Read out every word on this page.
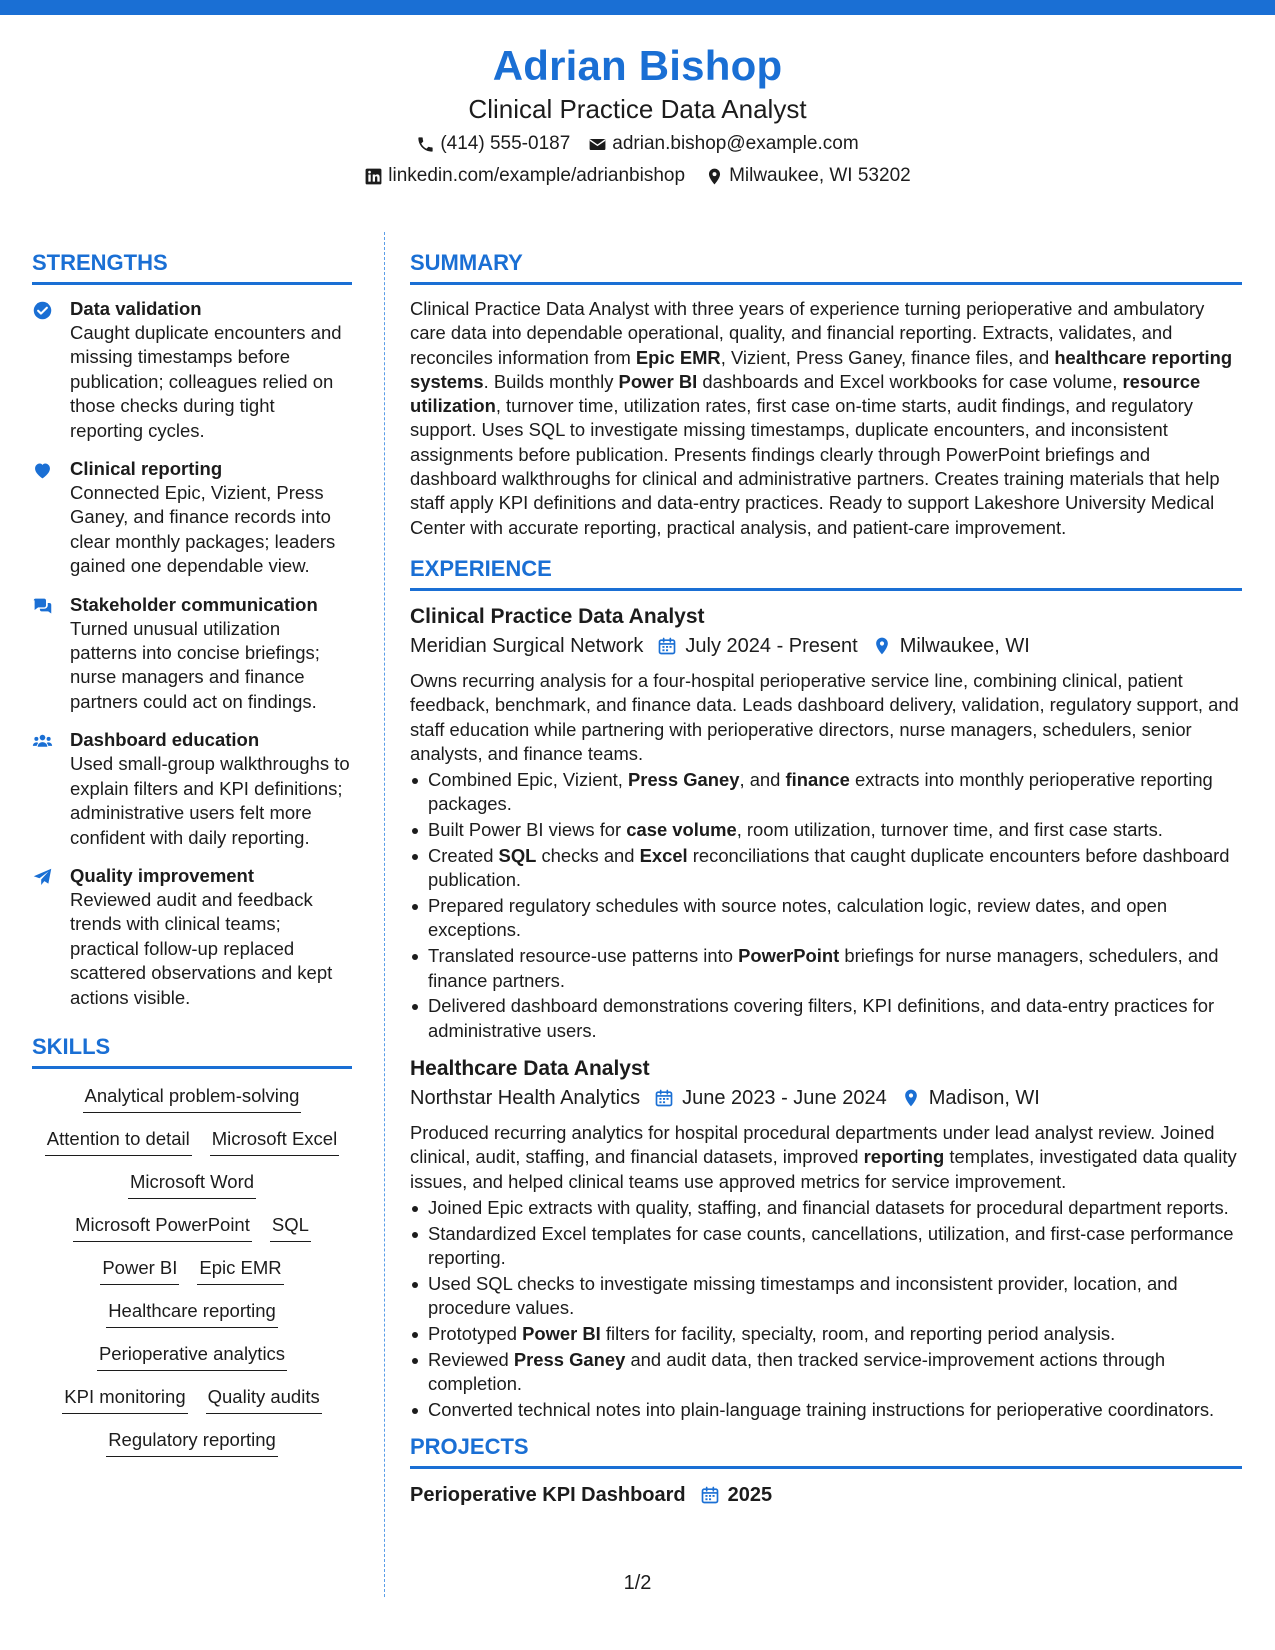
Adrian Bishop
Clinical Practice Data Analyst
(414) 555-0187 adrian.bishop@example.com
linkedin.com/example/adrianbishop Milwaukee, WI 53202
STRENGTHS
Data validation
Caught duplicate encounters and missing timestamps before publication; colleagues relied on those checks during tight reporting cycles.
Clinical reporting
Connected Epic, Vizient, Press Ganey, and finance records into clear monthly packages; leaders gained one dependable view.
Stakeholder communication
Turned unusual utilization patterns into concise briefings; nurse managers and finance partners could act on findings.
Dashboard education
Used small-group walkthroughs to explain filters and KPI definitions; administrative users felt more confident with daily reporting.
Quality improvement
Reviewed audit and feedback trends with clinical teams; practical follow-up replaced scattered observations and kept actions visible.
SKILLS
Analytical problem-solving
Attention to detail Microsoft Excel
Microsoft Word
Microsoft PowerPoint SQL
Power BI Epic EMR
Healthcare reporting
Perioperative analytics
KPI monitoring Quality audits
Regulatory reporting
SUMMARY
Clinical Practice Data Analyst with three years of experience turning perioperative and ambulatory care data into dependable operational, quality, and financial reporting. Extracts, validates, and reconciles information from Epic EMR, Vizient, Press Ganey, finance files, and healthcare reporting systems. Builds monthly Power BI dashboards and Excel workbooks for case volume, resource utilization, turnover time, utilization rates, first case on-time starts, audit findings, and regulatory support. Uses SQL to investigate missing timestamps, duplicate encounters, and inconsistent assignments before publication. Presents findings clearly through PowerPoint briefings and dashboard walkthroughs for clinical and administrative partners. Creates training materials that help staff apply KPI definitions and data-entry practices. Ready to support Lakeshore University Medical Center with accurate reporting, practical analysis, and patient-care improvement.
EXPERIENCE
Clinical Practice Data Analyst
Meridian Surgical Network July 2024 - Present Milwaukee, WI
Owns recurring analysis for a four-hospital perioperative service line, combining clinical, patient feedback, benchmark, and finance data. Leads dashboard delivery, validation, regulatory support, and staff education while partnering with perioperative directors, nurse managers, schedulers, senior analysts, and finance teams.
Combined Epic, Vizient, Press Ganey, and finance extracts into monthly perioperative reporting packages.
Built Power BI views for case volume, room utilization, turnover time, and first case starts.
Created SQL checks and Excel reconciliations that caught duplicate encounters before dashboard publication.
Prepared regulatory schedules with source notes, calculation logic, review dates, and open exceptions.
Translated resource-use patterns into PowerPoint briefings for nurse managers, schedulers, and finance partners.
Delivered dashboard demonstrations covering filters, KPI definitions, and data-entry practices for administrative users.
Healthcare Data Analyst
Northstar Health Analytics June 2023 - June 2024 Madison, WI
Produced recurring analytics for hospital procedural departments under lead analyst review. Joined clinical, audit, staffing, and financial datasets, improved reporting templates, investigated data quality issues, and helped clinical teams use approved metrics for service improvement.
Joined Epic extracts with quality, staffing, and financial datasets for procedural department reports.
Standardized Excel templates for case counts, cancellations, utilization, and first-case performance reporting.
Used SQL checks to investigate missing timestamps and inconsistent provider, location, and procedure values.
Prototyped Power BI filters for facility, specialty, room, and reporting period analysis.
Reviewed Press Ganey and audit data, then tracked service-improvement actions through completion.
Converted technical notes into plain-language training instructions for perioperative coordinators.
PROJECTS
Perioperative KPI Dashboard 2025
1/2
